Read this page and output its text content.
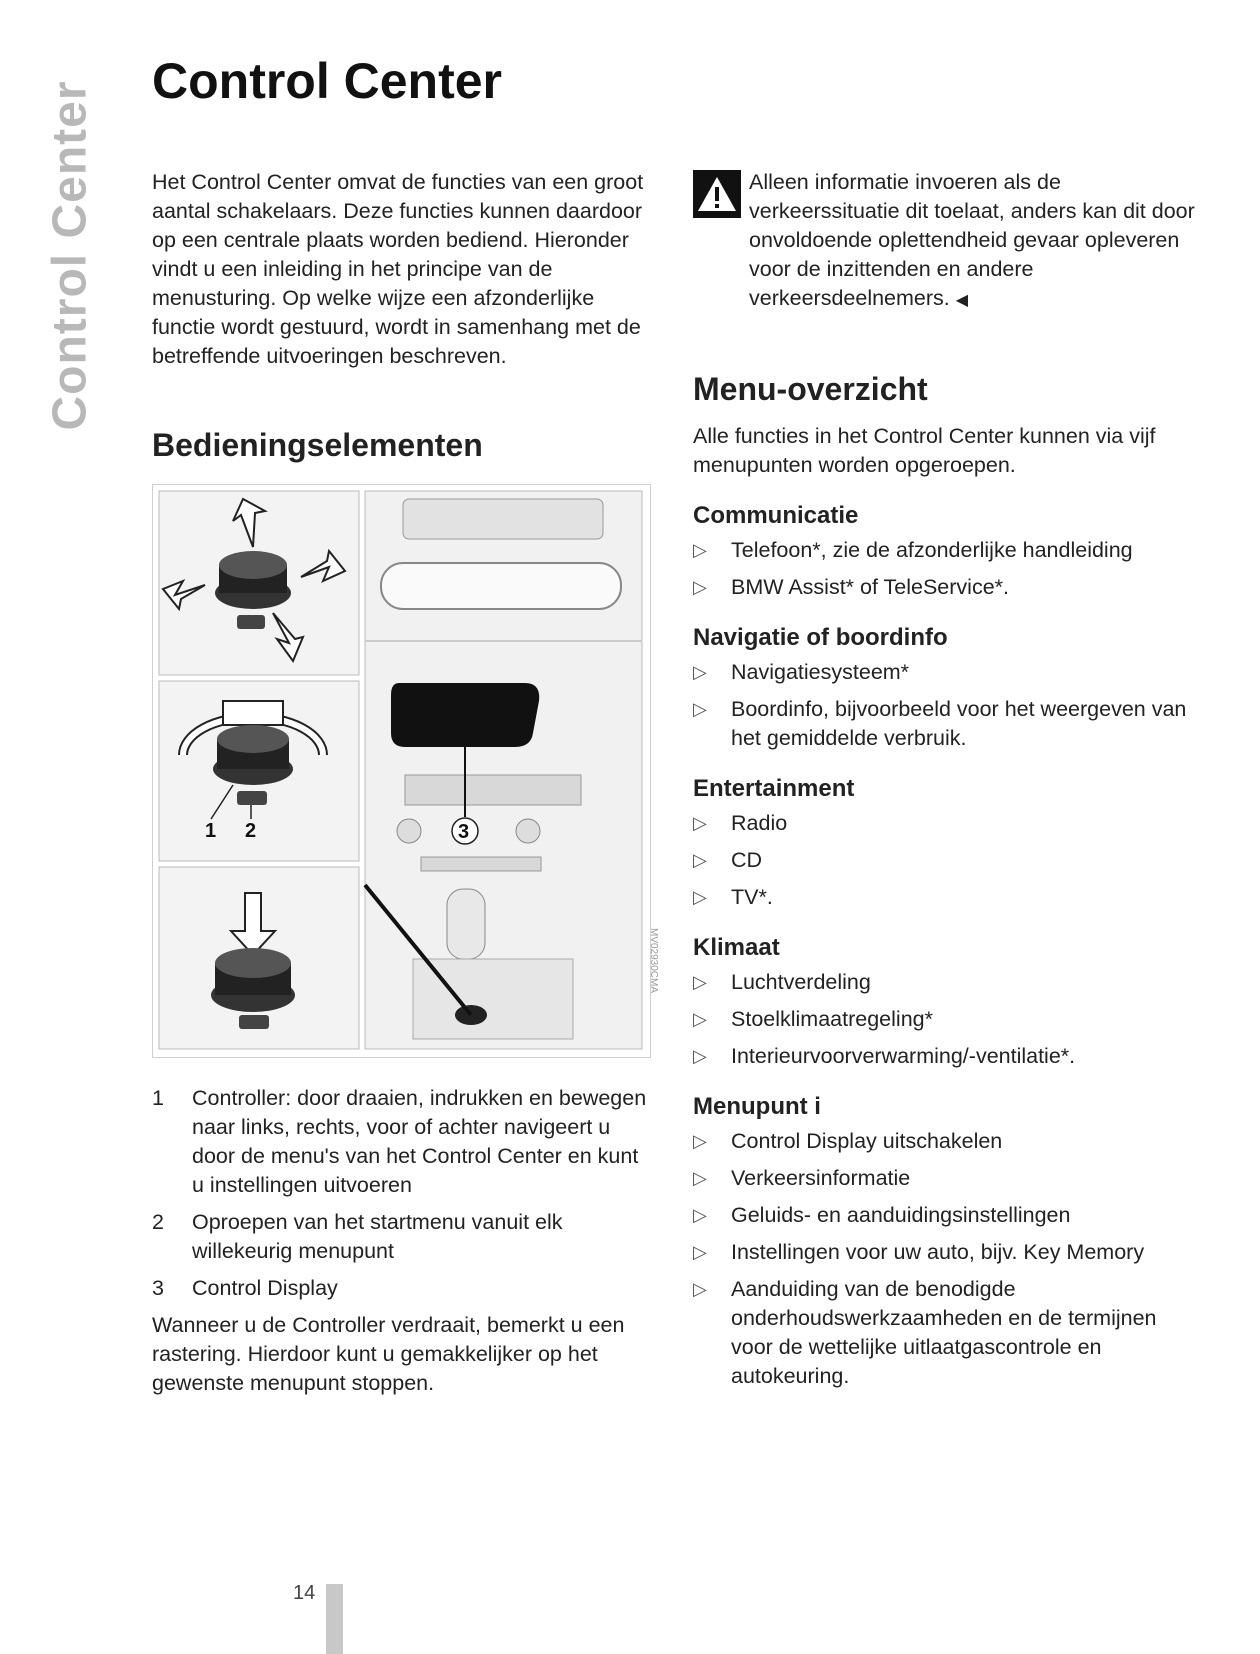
Control Center Control Center

Het Control Center omvat de functies van een groot aantal schakelaars. Deze functies kunnen daardoor op een centrale plaats worden bediend. Hieronder vindt u een inleiding in het principe van de menusturing. Op welke wijze een afzonderlijke functie wordt gestuurd, wordt in samenhang met de betreffende uitvoeringen beschreven.

Bedieningselementen
1 2	3
MV02930CMA
1	Controller: door draaien, indrukken en bewegen naar links, rechts, voor of achter navigeert u door de menu's van het Control Center en kunt u instellingen uitvoeren
2	Oproepen van het startmenu vanuit elk willekeurig menupunt
3	Control Display

Wanneer u de Controller verdraait, bemerkt u een rastering. Hierdoor kunt u gemakkelijker op het gewenste menupunt stoppen.

Alleen informatie invoeren als de verkeerssituatie dit toelaat, anders kan dit door onvoldoende oplettendheid gevaar opleveren voor de inzittenden en andere verkeersdeelnemers. ◀
Menu-overzicht

Alle functies in het Control Center kunnen via vijf menupunten worden opgeroepen.

Communicatie
▷	Telefoon*, zie de afzonderlijke handleiding
▷	BMW Assist* of TeleService*.
Navigatie of boordinfo
▷	Navigatiesysteem*
▷	Boordinfo, bijvoorbeeld voor het weergeven van het gemiddelde verbruik.
Entertainment
▷	Radio
▷	CD
▷	TV*.
Klimaat
▷	Luchtverdeling
▷	Stoelklimaatregeling*
▷	Interieurvoorverwarming/-ventilatie*.
Menupunt i
▷	Control Display uitschakelen
▷	Verkeersinformatie
▷	Geluids- en aanduidingsinstellingen
▷	Instellingen voor uw auto, bijv. Key Memory
▷	Aanduiding van de benodigde onderhoudswerkzaamheden en de termijnen voor de wettelijke uitlaatgascontrole en autokeuring.
14
